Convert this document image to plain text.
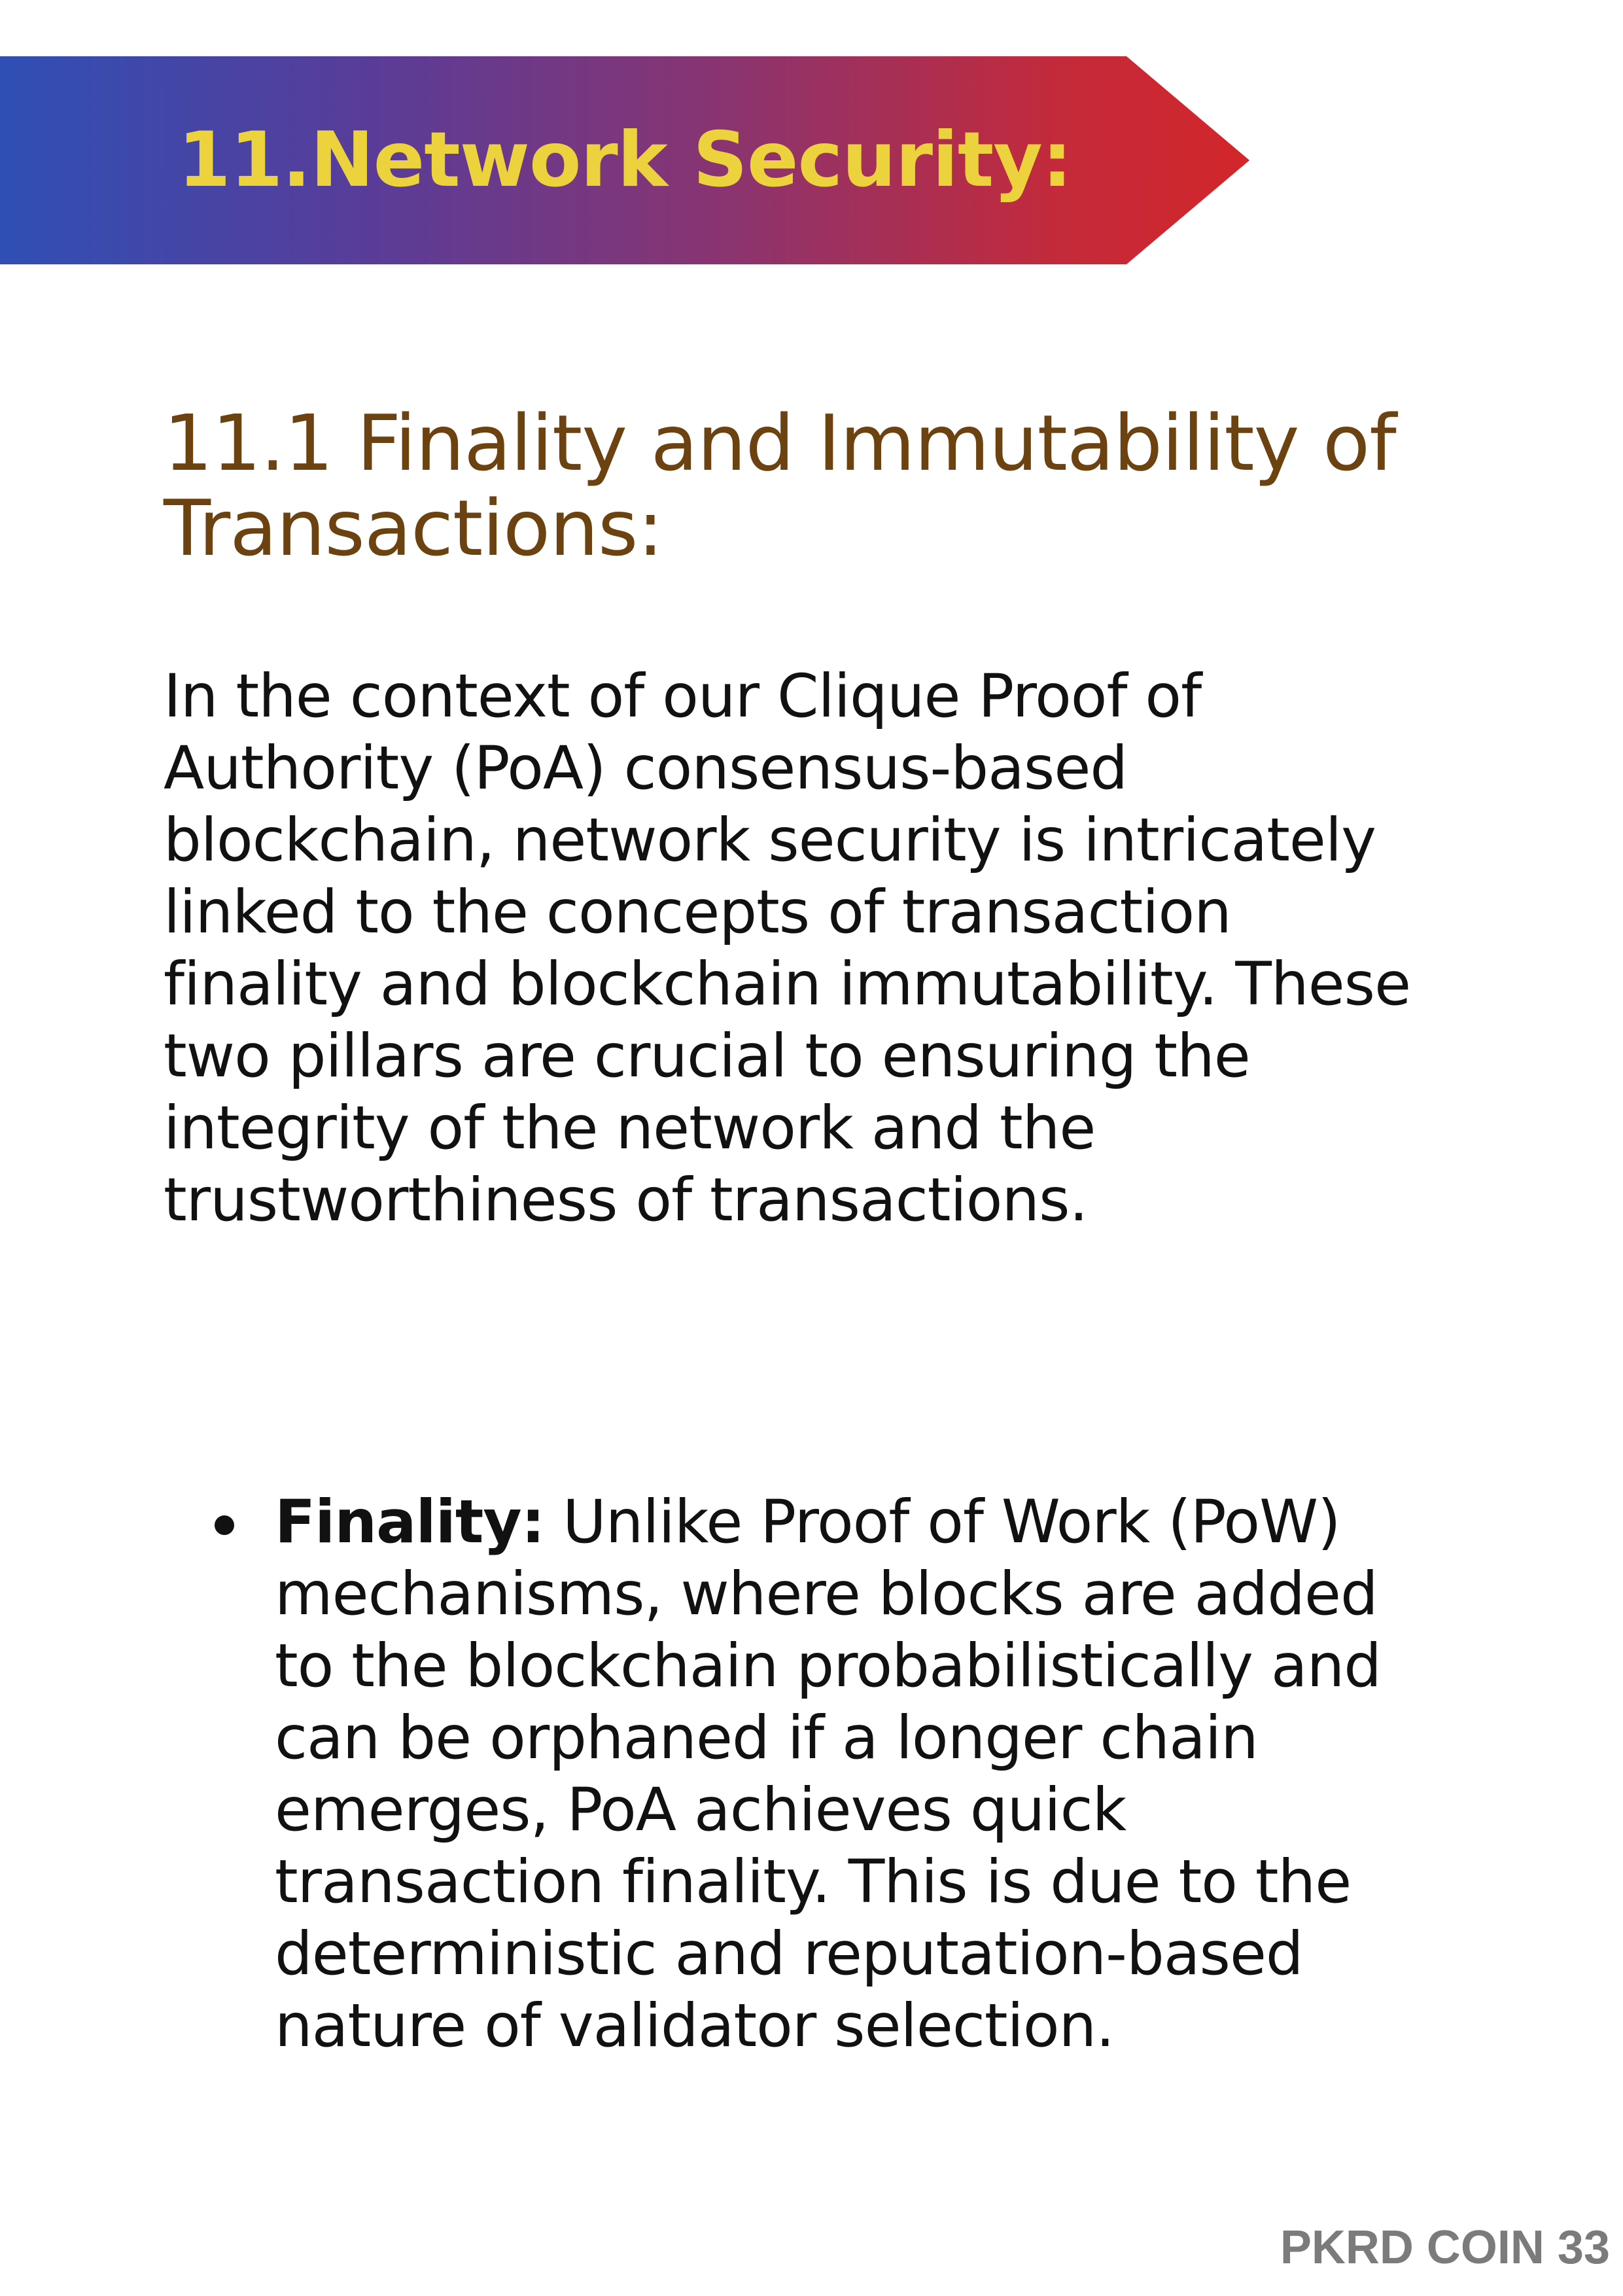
11.Network Security:
11.1 Finality and Immutability of Transactions:

In the context of our Clique Proof of Authority (PoA) consensus-based blockchain, network security is intricately linked to the concepts of transaction finality and blockchain immutability. These two pillars are crucial to ensuring the integrity of the network and the trustworthiness of transactions.

Finality: Unlike Proof of Work (PoW) mechanisms, where blocks are added to the blockchain probabilistically and can be orphaned if a longer chain emerges, PoA achieves quick transaction finality. This is due to the deterministic and reputation-based nature of validator selection.
PKRD COIN 33
